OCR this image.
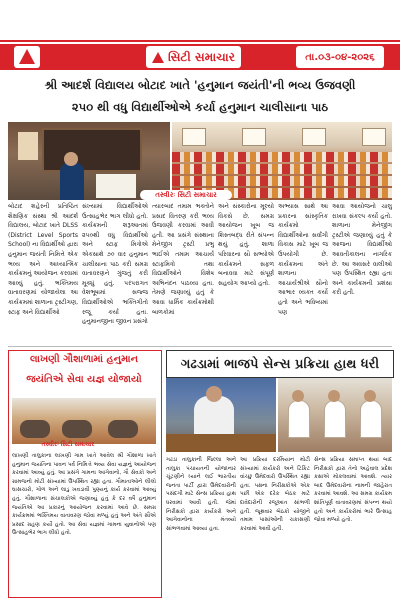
સિટી સમાચાર	તા.૦૩-૦૪-૨૦૨૬
શ્રી આદર્શ વિદ્યાલય બોટાદ ખાતે 'હનુમાન જયંતી'ની ભવ્ય ઉજવણી
૨૫૦ થી વધુ વિદ્યાર્થીઓએ કર્યા હનુમાન ચાલીસાના પાઠ
તસ્વીરઃ સિટી સમાચાર
બોટાદ શહેરની પ્રતિષ્ઠિત શૈક્ષણિક સંસ્થા શ્રી આદર્શ વિદ્યાલય, બોટાદ ખાતે DLSS (District Level Sports School) ના વિદ્યાર્થીઓ દ્વારા હનુમાન જયંતી નિમિત્તે એક ભવ્ય અને આધ્યાત્મિક કાર્યક્રમનું આયોજન કરવામાં આવ્યું હતું. ભક્તિમય વાતાવરણમાં યોજાયેલા આ કાર્યક્રમમાં શાળાના ટ્રસ્ટીગણ, સ્ટાફ અને વિદ્યાર્થીઓ
સંખ્યામાં વિદ્યાર્થીઓએ ઉત્સાહભેર ભાગ લીધો હતો. કાર્યક્રમની શરૂઆતમાં ૨૫૦થી વધુ વિદ્યાર્થીઓ અને સ્ટાફ મિત્રોએ એકસાથે ૭૦ વાર હનુમાન ચાલીસાના પાઠ કરી સમગ્ર વાતાવરણને ગુંજતું કરી મૂક્યું હતું. પરંપરાગત વેશભૂષામાં સજ્જ વિદ્યાર્થીઓએ ભક્તિગીતો રજૂ કર્યા હતા. હનુમાનજીના જીવન પ્રસંગો
ત્યારબાદ તમામ ભક્તોને પ્રસાદ વિતરણ કરી ભવ્ય ઉજવણી કરવામાં આવી હતી. આ પ્રસંગે સંસ્થાના મેનેજીંગ ટ્રસ્ટી પ્રભુ ભાઈએ તમામ આચાર્ય સ્ટાફમિત્રો તથા વિદ્યાર્થીઓને વિશેષ અભિનંદન પાઠવ્યા હતા. તેમણે જણાવ્યું હતું કે આવા ધાર્મિક કાર્યક્રમોથી બાળકોમાં
અને સંસ્કારોના મૂલ્યો વિકસે છે. સમગ્ર આયોજન ખૂબ જ શિસ્તબદ્ધ રીતે સંપન્ન થયું હતું. શાળા પરિવારના સૌ સભ્યોએ કાર્યક્રમને સફળ બનાવવા માટે સંપૂર્ણ સહયોગ આપ્યો હતો.
અભ્યાસ સાથે આ પ્રકારના સાંસ્કૃતિક કાર્યક્રમો વિદ્યાર્થીઓના સર્વાંગી વિકાસ માટે ખૂબ જ ઉપયોગી છે. કાર્યક્રમના અંતે શાળાના આચાર્યશ્રીએ સૌનો આભાર વ્યક્ત કર્યો હતો અને ભવિષ્યમાં પણ
આવા આયોજનો ચાલુ રાખવા સંકલ્પ કર્યો હતો. શાળાના મેનેજીંગ ટ્રસ્ટીએ જણાવ્યું હતું કે આજના વિદ્યાર્થીઓ આવતીકાલના નાગરિક છે. આ અવસરે વાલીઓ પણ ઉપસ્થિત રહ્યા હતા અને કાર્યક્રમની પ્રશંસા કરી હતી.
લાખણી ગૌશાળામાં હનુમાન
જયંતિએ સેવા યજ્ઞ યોજાયો
તસ્વીરઃ સિટી સમાચાર
લાખણી તાલુકાના લાખણી ગામ ખાતે આવેલ શ્રી ગૌશાળા ખાતે હનુમાન જયંતિના પાવન પર્વ નિમિત્તે ભવ્ય સેવા યજ્ઞનું આયોજન કરવામાં આવ્યું હતું. આ પ્રસંગે ગામના આગેવાનો, ગૌ સેવકો અને ગ્રામજનો મોટી સંખ્યામાં ઉપસ્થિત રહ્યા હતા. ગૌમાતાઓને લીલો ઘાસચારો, ગોળ અને લાડુ ખવડાવી પુણ્યનું કાર્ય કરવામાં આવ્યું હતું. ગૌશાળાના સંચાલકોએ જણાવ્યું હતું કે દર વર્ષે હનુમાન જયંતિએ આ પ્રકારનું આયોજન કરવામાં આવે છે. સમગ્ર કાર્યક્રમમાં ભક્તિમય વાતાવરણ જોવા મળ્યું હતું અને અંતે સૌએ પ્રસાદ ગ્રહણ કર્યો હતો. આ સેવા યજ્ઞમાં ગામના યુવાનોએ પણ ઉત્સાહભેર ભાગ લીધો હતો.
ગઢડામાં ભાજપે સેન્સ પ્રક્રિયા હાથ ધરી
ગઢડા તાલુકાની જિલ્લા અને તાલુકા પંચાયતની યોજાનાર ચૂંટણીને ધ્યાને લઈ ભારતીય જનતા પાર્ટી દ્વારા ઉમેદવારોની પસંદગી માટે સેન્સ પ્રક્રિયા હાથ ધરવામાં આવી હતી. જેમાં નિરીક્ષકો દ્વારા કાર્યકરો અને આગેવાનોના મંતવ્યો સાંભળવામાં આવ્યા હતા.
આ પ્રક્રિયા દરમિયાન મોટી સંખ્યામાં કાર્યકરો અને ટિકિટ વાંચ્છુ ઉમેદવારો ઉપસ્થિત રહ્યા હતા. પક્ષના નિરીક્ષકોએ એક પછી એક દરેક બેઠક માટે દાવેદારોની રજૂઆત સાંભળી હતી. જૂથવાર બેઠકો યોજીને તમામ પાસાંઓની ચકાસણી કરવામાં આવી હતી.
સેન્સ પ્રક્રિયા સમાપ્ત થયા બાદ નિરીક્ષકો દ્વારા તેનો અહેવાલ પ્રદેશ કક્ષાએ મોકલવામાં આવશે. ત્યાર બાદ ઉમેદવારોના નામની જાહેરાત કરવામાં આવશે. આ સમગ્ર કાર્યક્રમ શાંતિપૂર્ણ વાતાવરણમાં સંપન્ન થયો હતો અને કાર્યકરોમાં ભારે ઉત્સાહ જોવા મળ્યો હતો.
